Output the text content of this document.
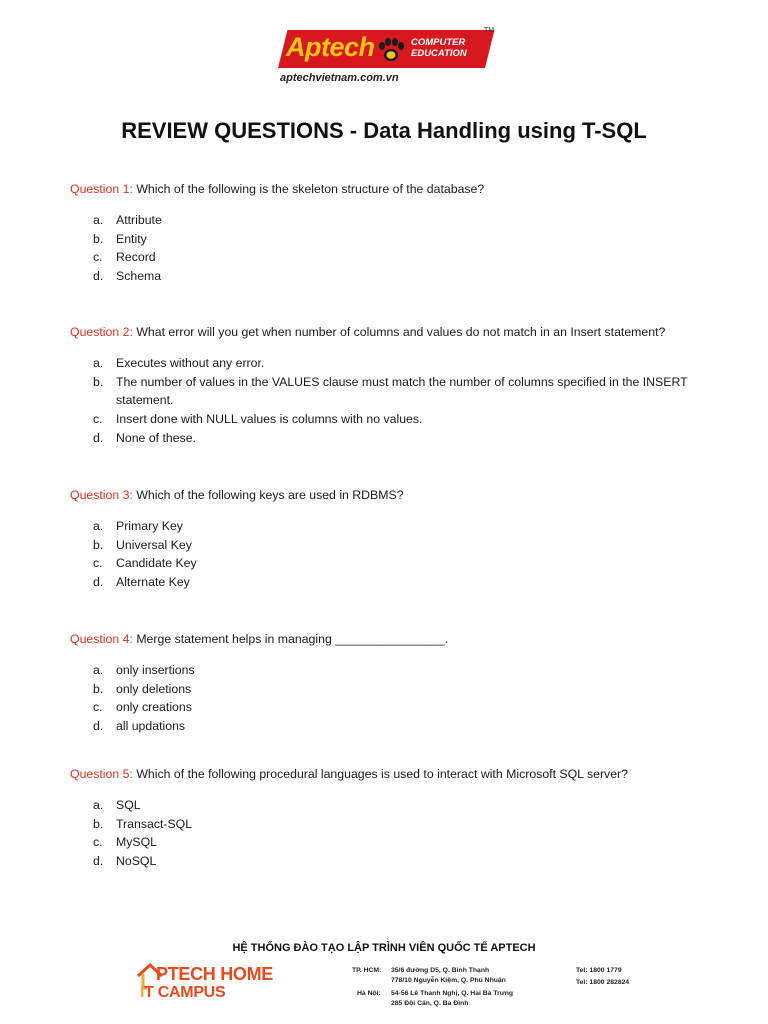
Aptech	COMPUTER
EDUCATION
TM
aptechvietnam.com.vn
REVIEW QUESTIONS - Data Handling using T-SQL
Question 1: Which of the following is the skeleton structure of the database?
a. Attribute
b. Entity
c. Record
d. Schema
Question 2: What error will you get when number of columns and values do not match in an Insert statement?
a. Executes without any error.
b. The number of values in the VALUES clause must match the number of columns specified in the INSERT statement.
c. Insert done with NULL values is columns with no values.
d. None of these.
Question 3: Which of the following keys are used in RDBMS?
a. Primary Key
b. Universal Key
c. Candidate Key
d. Alternate Key
Question 4: Merge statement helps in managing ________________.
a. only insertions
b. only deletions
c. only creations
d. all updations
Question 5: Which of the following procedural languages is used to interact with Microsoft SQL server?
a. SQL
b. Transact-SQL
c. MySQL
d. NoSQL
HỆ THỐNG ĐÀO TẠO LẬP TRÌNH VIÊN QUỐC TẾ APTECH
PTECH HOME
IT CAMPUS
TP. HCM: 35/6 đường D5, Q. Bình Thạnh
778/10 Nguyễn Kiệm, Q. Phú Nhuận
Hà Nội: 54-56 Lê Thanh Nghị, Q. Hai Bà Trưng
285 Đội Cấn, Q. Ba Đình
Tel: 1800 1779
Tel: 1800 282824
